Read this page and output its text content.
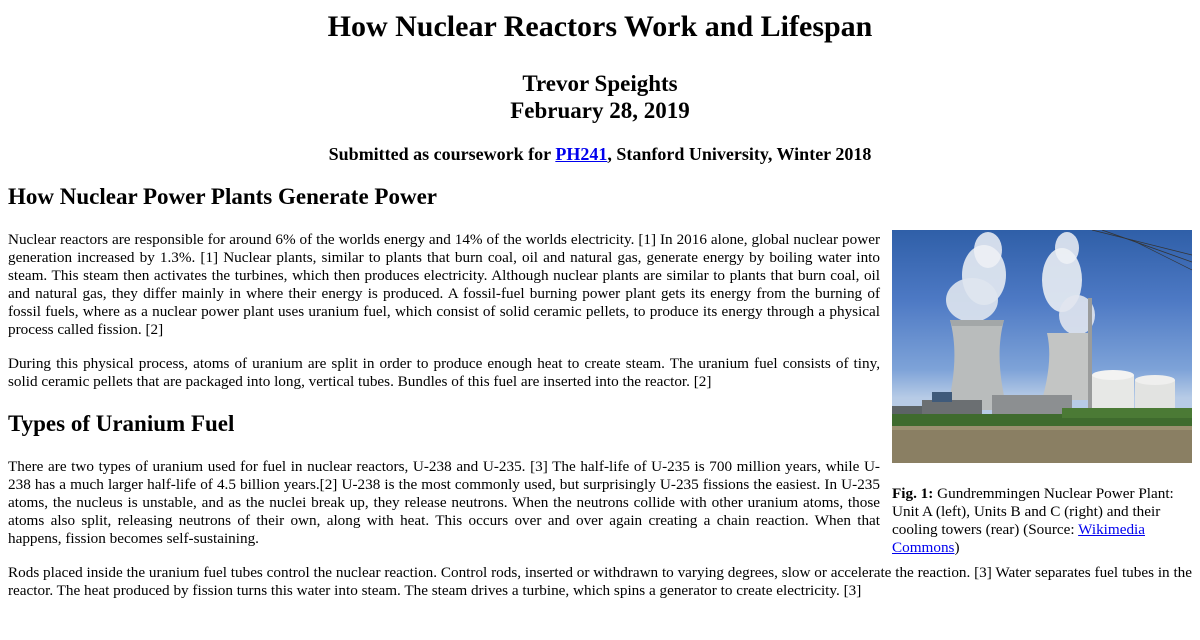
How Nuclear Reactors Work and Lifespan
Trevor Speights
February 28, 2019
Submitted as coursework for PH241, Stanford University, Winter 2018
How Nuclear Power Plants Generate Power
Fig. 1: Gundremmingen Nuclear Power Plant: Unit A (left), Units B and C (right) and their cooling towers (rear) (Source: Wikimedia Commons)

Nuclear reactors are responsible for around 6% of the worlds energy and 14% of the worlds electricity. [1] In 2016 alone, global nuclear power generation increased by 1.3%. [1] Nuclear plants, similar to plants that burn coal, oil and natural gas, generate energy by boiling water into steam. This steam then activates the turbines, which then produces electricity. Although nuclear plants are similar to plants that burn coal, oil and natural gas, they differ mainly in where their energy is produced. A fossil-fuel burning power plant gets its energy from the burning of fossil fuels, where as a nuclear power plant uses uranium fuel, which consist of solid ceramic pellets, to produce its energy through a physical process called fission. [2]

During this physical process, atoms of uranium are split in order to produce enough heat to create steam. The uranium fuel consists of tiny, solid ceramic pellets that are packaged into long, vertical tubes. Bundles of this fuel are inserted into the reactor. [2]

Types of Uranium Fuel

There are two types of uranium used for fuel in nuclear reactors, U-238 and U-235. [3] The half-life of U-235 is 700 million years, while U-238 has a much larger half-life of 4.5 billion years.[2] U-238 is the most commonly used, but surprisingly U-235 fissions the easiest. In U-235 atoms, the nucleus is unstable, and as the nuclei break up, they release neutrons. When the neutrons collide with other uranium atoms, those atoms also split, releasing neutrons of their own, along with heat. This occurs over and over again creating a chain reaction. When that happens, fission becomes self-sustaining.

Rods placed inside the uranium fuel tubes control the nuclear reaction. Control rods, inserted or withdrawn to varying degrees, slow or accelerate the reaction. [3] Water separates fuel tubes in the reactor. The heat produced by fission turns this water into steam. The steam drives a turbine, which spins a generator to create electricity. [3]
